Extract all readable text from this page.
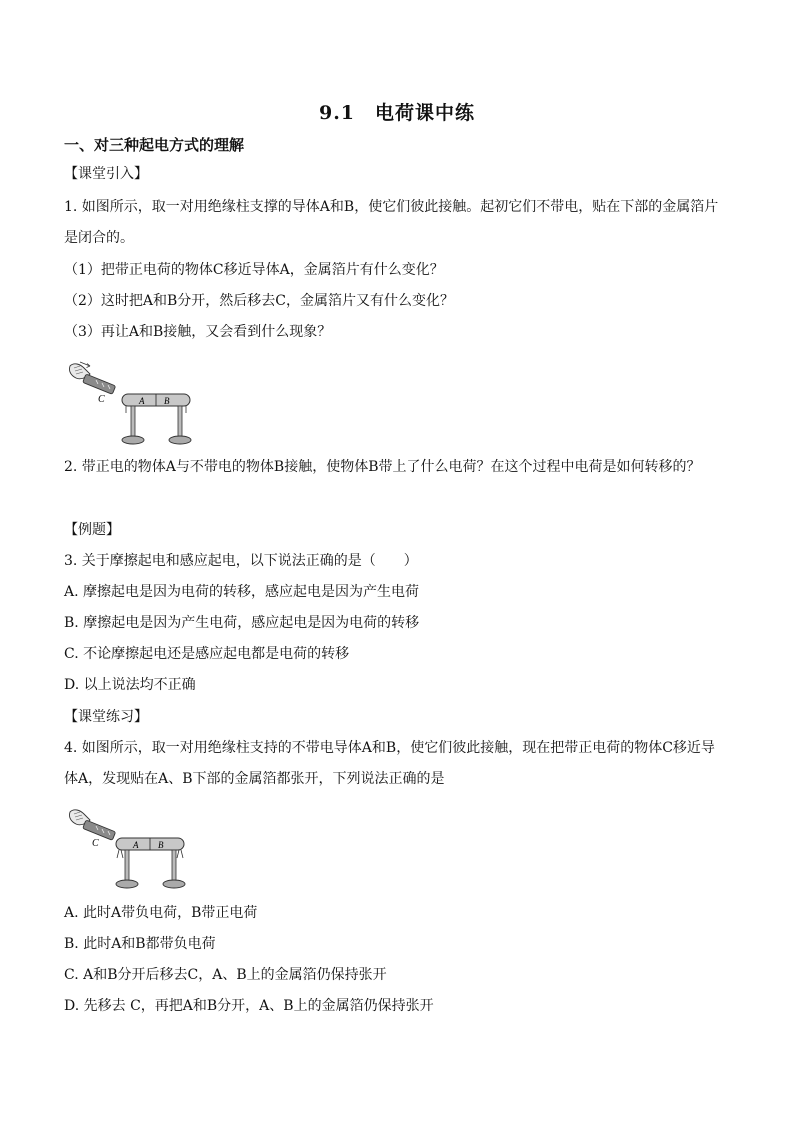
9.1　电荷课中练
一、对三种起电方式的理解
【课堂引入】
1. 如图所示，取一对用绝缘柱支撑的导体A和B，使它们彼此接触。起初它们不带电，贴在下部的金属箔片
是闭合的。
（1）把带正电荷的物体C移近导体A，金属箔片有什么变化？
（2）这时把A和B分开，然后移去C，金属箔片又有什么变化？
（3）再让A和B接触，又会看到什么现象？
C	A B
2. 带正电的物体A与不带电的物体B接触，使物体B带上了什么电荷？在这个过程中电荷是如何转移的？
【例题】
3. 关于摩擦起电和感应起电，以下说法正确的是（　　）
A. 摩擦起电是因为电荷的转移，感应起电是因为产生电荷
B. 摩擦起电是因为产生电荷，感应起电是因为电荷的转移
C. 不论摩擦起电还是感应起电都是电荷的转移
D. 以上说法均不正确
【课堂练习】
4. 如图所示，取一对用绝缘柱支持的不带电导体A和B，使它们彼此接触，现在把带正电荷的物体C移近导
体A，发现贴在A、B下部的金属箔都张开，下列说法正确的是
C	A B
A. 此时A带负电荷，B带正电荷
B. 此时A和B都带负电荷
C. A和B分开后移去C，A、B上的金属箔仍保持张开
D. 先移去 C，再把A和B分开，A、B上的金属箔仍保持张开
